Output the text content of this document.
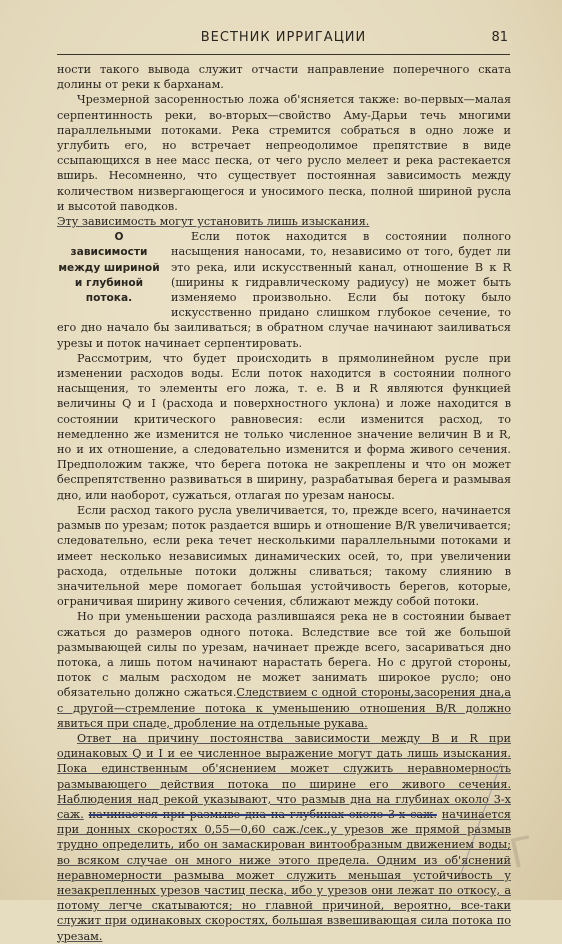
ВЕСТНИК ИРРИГАЦИИ	81

ности такого вывода служит отчасти направление поперечного ската долины от реки к барханам.

Чрезмерной засоренностью ложа об'ясняется также: во-первых—малая серпентинность реки, во-вторых—свойство Аму-Дарьи течь многими параллельными потоками. Река стремится собраться в одно ложе и углубить его, но встречает непреодолимое препятствие в виде ссыпающихся в нее масс песка, от чего русло мелеет и река растекается вширь. Несомненно, что существует постоянная зависимость между количеством низвергающегося и уносимого песка, полной шириной русла и высотой паводков.

Эту зависимость могут установить лишь изыскания.

О зависимости между шириной и глубиной потока.
Если поток находится в состоянии полного насыщения наносами, то, независимо от того, будет ли это река, или искусственный канал, отношение B к R (ширины к гидравлическому радиусу) не может быть изменяемо произвольно. Если бы потоку было искусственно придано слишком глубокое сечение, то его дно начало бы заиливаться; в обратном случае начинают заиливаться урезы и поток начинает серпентировать.

Рассмотрим, что будет происходить в прямолинейном русле при изменении расходов воды. Если поток находится в состоянии полного насыщения, то элементы его ложа, т. е. B и R являются функцией величины Q и I (расхода и поверхностного уклона) и ложе находится в состоянии критического равновесия: если изменится расход, то немедленно же изменится не только численное значение величин B и R, но и их отношение, а следовательно изменится и форма живого сечения. Предположим также, что берега потока не закреплены и что он может беспрепятственно развиваться в ширину, разрабатывая берега и размывая дно, или наоборот, сужаться, отлагая по урезам наносы.

Если расход такого русла увеличивается, то, прежде всего, начинается размыв по урезам; поток раздается вширь и отношение B/R увеличивается; следовательно, если река течет несколькими параллельными потоками и имеет несколько независимых динамических осей, то, при увеличении расхода, отдельные потоки должны сливаться; такому слиянию в значительной мере помогает большая устойчивость берегов, которые, ограничивая ширину живого сечения, сближают между собой потоки.

Но при уменьшении расхода разлившаяся река не в состоянии бывает сжаться до размеров одного потока. Вследствие все той же большой размывающей силы по урезам, начинает прежде всего, засариваться дно потока, а лишь потом начинают нарастать берега. Но с другой стороны, поток с малым расходом не может занимать широкое русло; оно обязательно должно сжаться.Следствием с одной стороны,засорения дна,а с другой—стремление потока к уменьшению отношения B/R должно явиться при спаде, дробление на отдельные рукава.

Ответ на причину постоянства зависимости между B и R при одинаковых Q и I и ее численное выражение могут дать лишь изыскания. Пока единственным об'яснением может служить неравномерность размывающего действия потока по ширине его живого сечения. Наблюдения над рекой указывают, что размыв дна на глубинах около 3-х саж. начинается при размыве дна на глубинах около 3-х саж. начинается при донных скоростях 0,55—0,60 саж./сек.,у урезов же прямой размыв трудно определить, ибо он замаскирован винтообразным движением воды; во всяком случае он много ниже этого предела. Одним из об'яснений неравномерности размыва может служить меньшая устойчивость у незакрепленных урезов частиц песка, ибо у урезов они лежат по откосу, а потому легче скатываются; но главной причиной, вероятно, все-таки служит при одинаковых скоростях, большая взвешивающая сила потока по урезам.

Г
